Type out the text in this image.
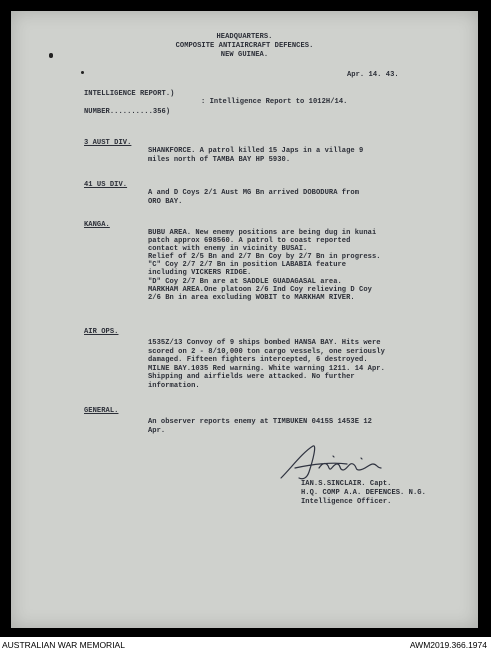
HEADQUARTERS.
COMPOSITE ANTIAIRCRAFT DEFENCES.
NEW GUINEA.
Apr. 14. 43.
INTELLIGENCE REPORT.)
: Intelligence Report to 1012H/14.
NUMBER..........356)
3 AUST DIV.
SHANKFORCE. A patrol killed 15 Japs in a village 9
miles north of TAMBA BAY HP 5930.
41 US DIV.
A and D Coys 2/1 Aust MG Bn arrived DOBODURA from
ORO BAY.
KANGA.
BUBU AREA. New enemy positions are being dug in kunai
patch approx 698560. A patrol to coast reported
contact with enemy in vicinity BUSAI.
Relief of 2/5 Bn and 2/7 Bn Coy by 2/7 Bn in progress.
"C" Coy 2/7 2/7 Bn in position LABABIA feature
including VICKERS RIDGE.
"D" Coy 2/7 Bn are at SADDLE GUADAGASAL area.
MARKHAM AREA.One platoon 2/6 Ind Coy relieving D Coy
2/6 Bn in area excluding WOBIT to MARKHAM RIVER.
AIR OPS.
1535Z/13 Convoy of 9 ships bombed HANSA BAY. Hits were
scored on 2 - 8/10,000 ton cargo vessels, one seriously
damaged. Fifteen fighters intercepted, 6 destroyed.
MILNE BAY.1035 Red warning. White warning 1211. 14 Apr.
Shipping and airfields were attacked. No further
information.
GENERAL.
An observer reports enemy at TIMBUKEN 0415S 1453E 12
Apr.
IAN.S.SINCLAIR. Capt.
H.Q. COMP A.A. DEFENCES. N.G.
Intelligence Officer.
AUSTRALIAN WAR MEMORIAL	AWM2019.366.1974
